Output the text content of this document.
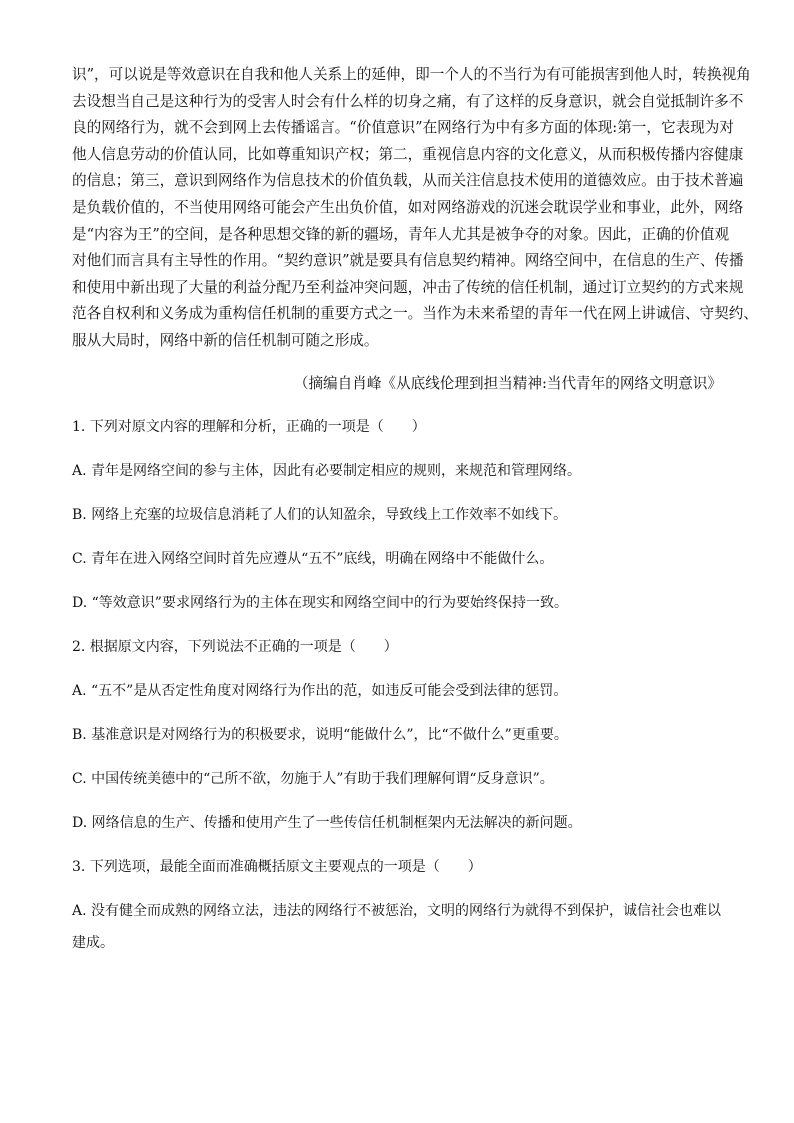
识”，可以说是等效意识在自我和他人关系上的延伸，即一个人的不当行为有可能损害到他人时，转换视角
去设想当自己是这种行为的受害人时会有什么样的切身之痛，有了这样的反身意识，就会自觉抵制许多不
良的网络行为，就不会到网上去传播谣言。“价值意识”在网络行为中有多方面的体现:第一，它表现为对
他人信息劳动的价值认同，比如尊重知识产权；第二，重视信息内容的文化意义，从而积极传播内容健康
的信息；第三，意识到网络作为信息技术的价值负载，从而关注信息技术使用的道德效应。由于技术普遍
是负载价值的，不当使用网络可能会产生出负价值，如对网络游戏的沉迷会耽误学业和事业，此外，网络
是“内容为王”的空间，是各种思想交锋的新的疆场，青年人尤其是被争夺的对象。因此，正确的价值观
对他们而言具有主导性的作用。“契约意识”就是要具有信息契约精神。网络空间中，在信息的生产、传播
和使用中新出现了大量的利益分配乃至利益冲突问题，冲击了传统的信任机制，通过订立契约的方式来规
范各自权利和义务成为重构信任机制的重要方式之一。当作为未来希望的青年一代在网上讲诚信、守契约、
服从大局时，网络中新的信任机制可随之形成。
（摘编自肖峰《从底线伦理到担当精神:当代青年的网络文明意识》

1. 下列对原文内容的理解和分析，正确的一项是（　　）

A. 青年是网络空间的参与主体，因此有必要制定相应的规则，来规范和管理网络。

B. 网络上充塞的垃圾信息消耗了人们的认知盈余，导致线上工作效率不如线下。

C. 青年在进入网络空间时首先应遵从“五不”底线，明确在网络中不能做什么。

D. “等效意识”要求网络行为的主体在现实和网络空间中的行为要始终保持一致。

2. 根据原文内容，下列说法不正确的一项是（　　）

A. “五不”是从否定性角度对网络行为作出的范，如违反可能会受到法律的惩罚。

B. 基准意识是对网络行为的积极要求，说明“能做什么”，比“不做什么”更重要。

C. 中国传统美德中的“己所不欲，勿施于人”有助于我们理解何谓“反身意识”。

D. 网络信息的生产、传播和使用产生了一些传信任机制框架内无法解决的新问题。

3. 下列选项，最能全面而准确概括原文主要观点的一项是（　　）

A. 没有健全而成熟的网络立法，违法的网络行不被惩治，文明的网络行为就得不到保护，诚信社会也难以

建成。
